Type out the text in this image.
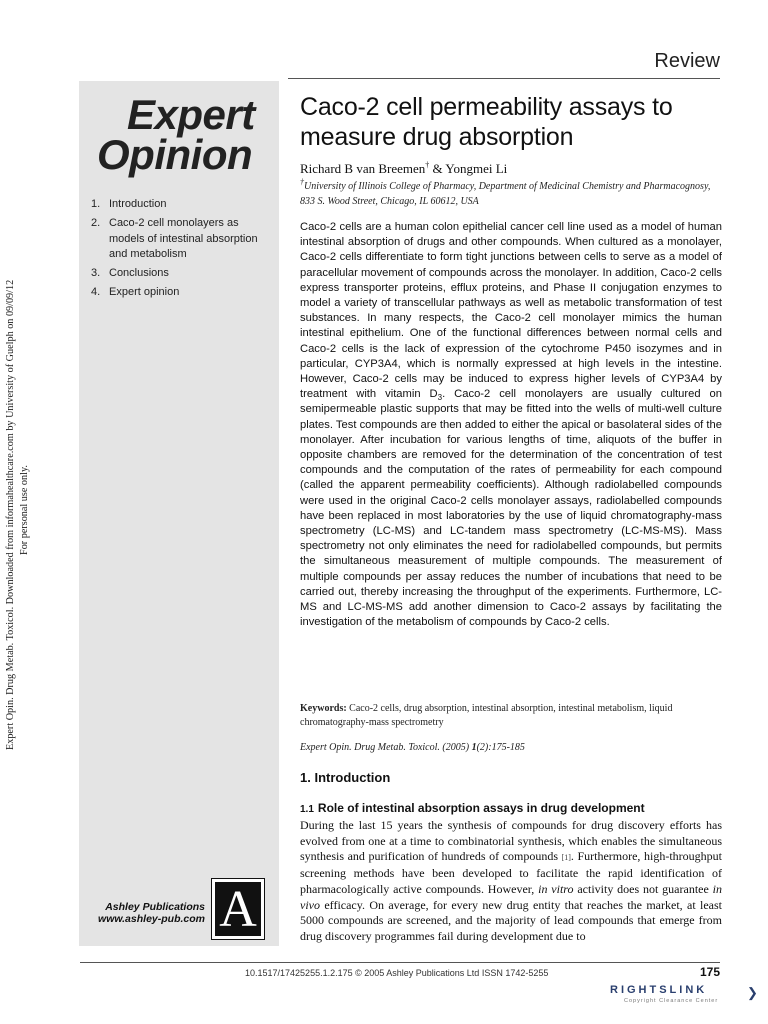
Expert Opin. Drug Metab. Toxicol. Downloaded from informahealthcare.com by University of Guelph on 09/09/12 For personal use only.
Review
Expert
Opinion
1. Introduction
2. Caco-2 cell monolayers as models of intestinal absorption and metabolism
3. Conclusions
4. Expert opinion
Ashley Publications
www.ashley-pub.com A
Caco-2 cell permeability assays to measure drug absorption
Richard B van Breemen† & Yongmei Li
†University of Illinois College of Pharmacy, Department of Medicinal Chemistry and Pharmacognosy,
833 S. Wood Street, Chicago, IL 60612, USA

Caco-2 cells are a human colon epithelial cancer cell line used as a model of human intestinal absorption of drugs and other compounds. When cultured as a monolayer, Caco-2 cells differentiate to form tight junctions between cells to serve as a model of paracellular movement of compounds across the monolayer. In addition, Caco-2 cells express transporter proteins, efflux proteins, and Phase II conjugation enzymes to model a variety of transcellular pathways as well as metabolic transformation of test substances. In many respects, the Caco-2 cell monolayer mimics the human intestinal epithelium. One of the functional differences between normal cells and Caco-2 cells is the lack of expression of the cytochrome P450 isozymes and in particular, CYP3A4, which is normally expressed at high levels in the intestine. However, Caco-2 cells may be induced to express higher levels of CYP3A4 by treatment with vitamin $D_3$. Caco-2 cell monolayers are usually cultured on semipermeable plastic supports that may be fitted into the wells of multi-well culture plates. Test compounds are then added to either the apical or basolateral sides of the monolayer. After incubation for various lengths of time, aliquots of the buffer in opposite chambers are removed for the determination of the concentration of test compounds and the computation of the rates of permeability for each compound (called the apparent permeability coefficients). Although radiolabelled compounds were used in the original Caco-2 cells monolayer assays, radiolabelled compounds have been replaced in most laboratories by the use of liquid chromatography-mass spectrometry (LC-MS) and LC-tandem mass spectrometry (LC-MS-MS). Mass spectrometry not only eliminates the need for radiolabelled compounds, but permits the simultaneous measurement of multiple compounds. The measurement of multiple compounds per assay reduces the number of incubations that need to be carried out, thereby increasing the throughput of the experiments. Furthermore, LC-MS and LC-MS-MS add another dimension to Caco-2 assays by facilitating the investigation of the metabolism of compounds by Caco-2 cells.

Keywords: Caco-2 cells, drug absorption, intestinal absorption, intestinal metabolism, liquid chromatography-mass spectrometry

Expert Opin. Drug Metab. Toxicol. (2005) 1(2):175-185

1. Introduction
1.1 Role of intestinal absorption assays in drug development

During the last 15 years the synthesis of compounds for drug discovery efforts has evolved from one at a time to combinatorial synthesis, which enables the simultaneous synthesis and purification of hundreds of compounds [1]. Furthermore, high-throughput screening methods have been developed to facilitate the rapid identification of pharmacologically active compounds. However, in vitro activity does not guarantee in vivo efficacy. On average, for every new drug entity that reaches the market, at least 5000 compounds are screened, and the majority of lead compounds that emerge from drug discovery programmes fail during development due to

10.1517/17425255.1.2.175 © 2005 Ashley Publications Ltd ISSN 1742-5255	175
RIGHTSLINK
Copyright Clearance Center
❯
